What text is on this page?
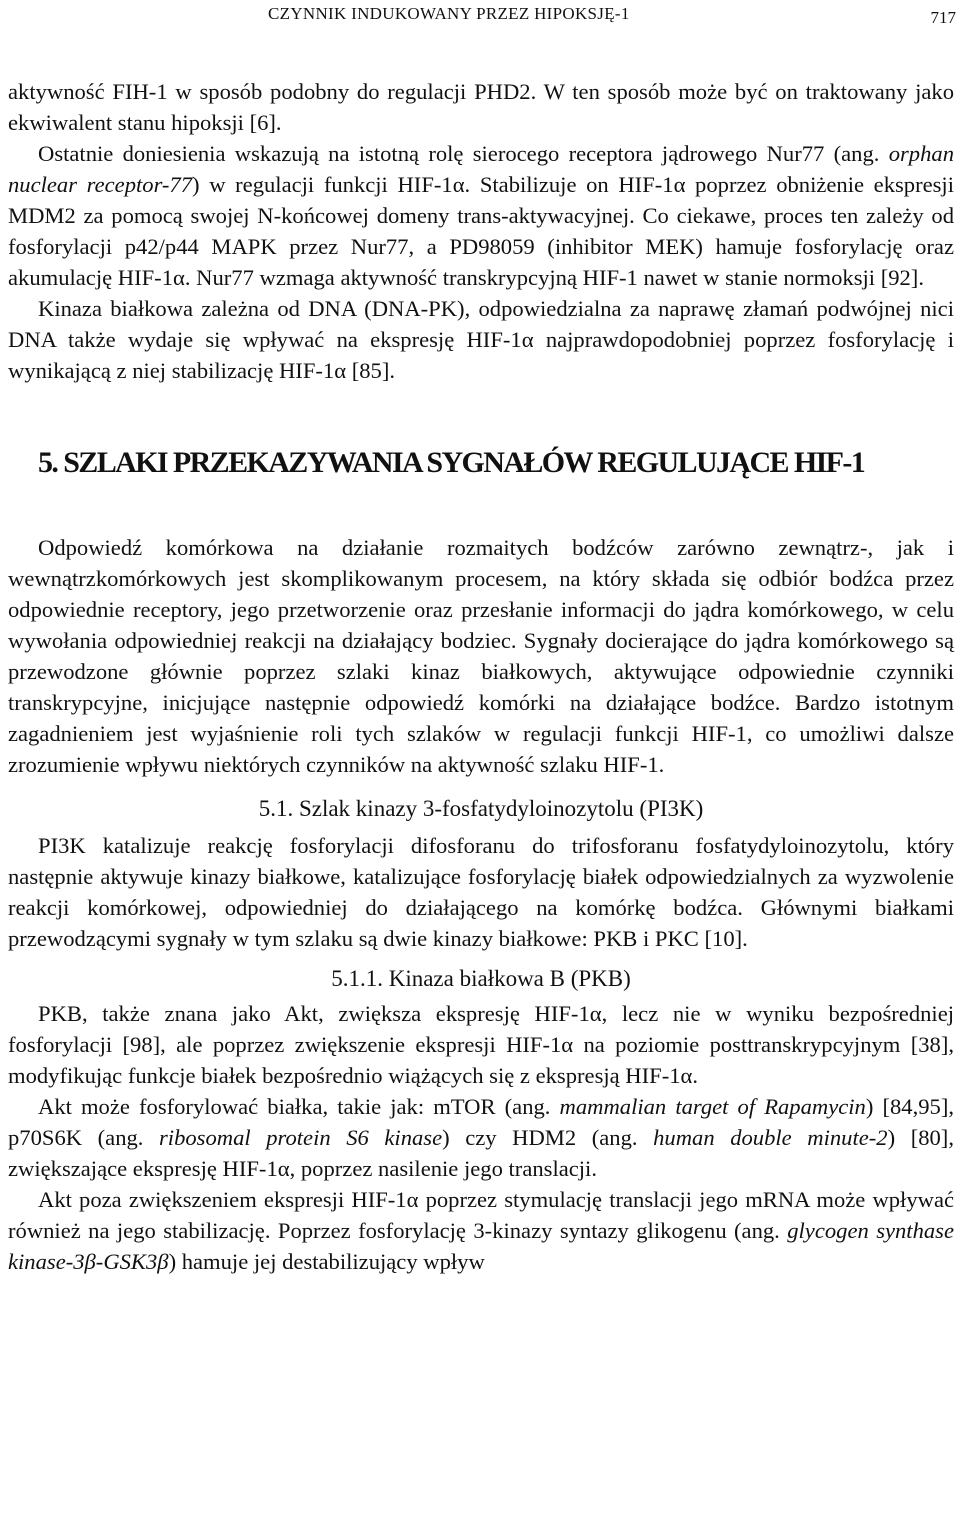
CZYNNIK INDUKOWANY PRZEZ HIPOKSJĘ-1	717

aktywność FIH-1 w sposób podobny do regulacji PHD2. W ten sposób może być on traktowany jako ekwiwalent stanu hipoksji [6].

Ostatnie doniesienia wskazują na istotną rolę sierocego receptora jądrowego Nur77 (ang. orphan nuclear receptor-77) w regulacji funkcji HIF-1α. Stabilizuje on HIF-1α poprzez obniżenie ekspresji MDM2 za pomocą swojej N-końcowej domeny trans-aktywacyjnej. Co ciekawe, proces ten zależy od fosforylacji p42/p44 MAPK przez Nur77, a PD98059 (inhibitor MEK) hamuje fosforylację oraz akumulację HIF-1α. Nur77 wzmaga aktywność transkrypcyjną HIF-1 nawet w stanie normoksji [92].

Kinaza białkowa zależna od DNA (DNA-PK), odpowiedzialna za naprawę złamań podwójnej nici DNA także wydaje się wpływać na ekspresję HIF-1α najprawdopodobniej poprzez fosforylację i wynikającą z niej stabilizację HIF-1α [85].

5. SZLAKI PRZEKAZYWANIA SYGNAŁÓW REGULUJĄCE HIF-1

Odpowiedź komórkowa na działanie rozmaitych bodźców zarówno zewnątrz-, jak i wewnątrzkomórkowych jest skomplikowanym procesem, na który składa się odbiór bodźca przez odpowiednie receptory, jego przetworzenie oraz przesłanie informacji do jądra komórkowego, w celu wywołania odpowiedniej reakcji na działający bodziec. Sygnały docierające do jądra komórkowego są przewodzone głównie poprzez szlaki kinaz białkowych, aktywujące odpowiednie czynniki transkrypcyjne, inicjujące następnie odpowiedź komórki na działające bodźce. Bardzo istotnym zagadnieniem jest wyjaśnienie roli tych szlaków w regulacji funkcji HIF-1, co umożliwi dalsze zrozumienie wpływu niektórych czynników na aktywność szlaku HIF-1.

5.1. Szlak kinazy 3-fosfatydyloinozytolu (PI3K)

PI3K katalizuje reakcję fosforylacji difosforanu do trifosforanu fosfatydyloinozytolu, który następnie aktywuje kinazy białkowe, katalizujące fosforylację białek odpowiedzialnych za wyzwolenie reakcji komórkowej, odpowiedniej do działającego na komórkę bodźca. Głównymi białkami przewodzącymi sygnały w tym szlaku są dwie kinazy białkowe: PKB i PKC [10].

5.1.1. Kinaza białkowa B (PKB)

PKB, także znana jako Akt, zwiększa ekspresję HIF-1α, lecz nie w wyniku bezpośredniej fosforylacji [98], ale poprzez zwiększenie ekspresji HIF-1α na poziomie posttranskrypcyjnym [38], modyfikując funkcje białek bezpośrednio wiążących się z ekspresją HIF-1α.

Akt może fosforylować białka, takie jak: mTOR (ang. mammalian target of Rapamycin) [84,95], p70S6K (ang. ribosomal protein S6 kinase) czy HDM2 (ang. human double minute-2) [80], zwiększające ekspresję HIF-1α, poprzez nasilenie jego translacji.

Akt poza zwiększeniem ekspresji HIF-1α poprzez stymulację translacji jego mRNA może wpływać również na jego stabilizację. Poprzez fosforylację 3-kinazy syntazy glikogenu (ang. glycogen synthase kinase-3β-GSK3β) hamuje jej destabilizujący wpływ
